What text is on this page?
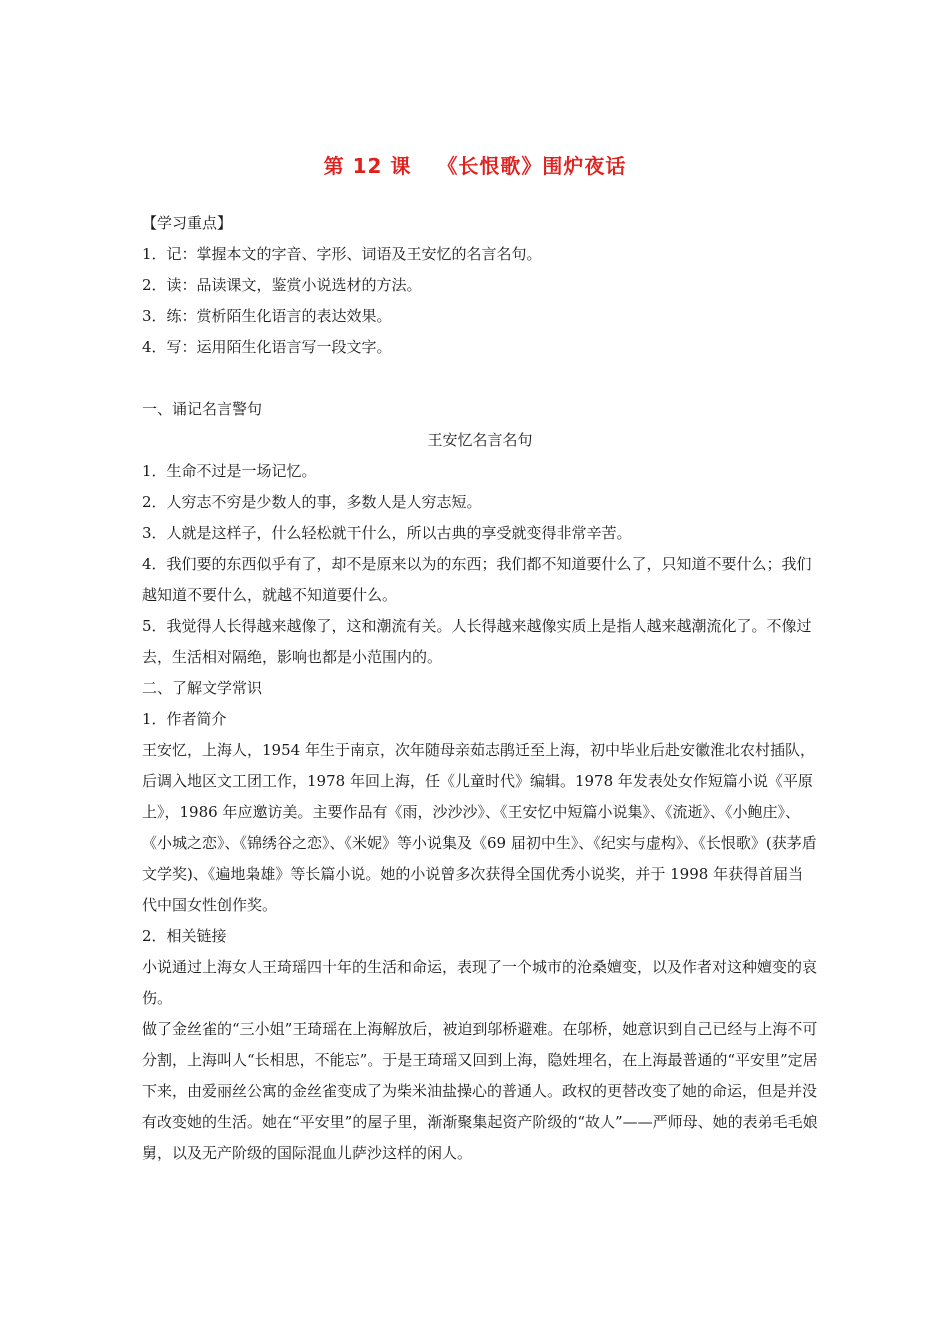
第 12 课 《长恨歌》围炉夜话

【学习重点】

1．记：掌握本文的字音、字形、词语及王安忆的名言名句。

2．读：品读课文，鉴赏小说选材的方法。

3．练：赏析陌生化语言的表达效果。

4．写：运用陌生化语言写一段文字。

一、诵记名言警句

王安忆名言名句

1．生命不过是一场记忆。

2．人穷志不穷是少数人的事，多数人是人穷志短。

3．人就是这样子，什么轻松就干什么，所以古典的享受就变得非常辛苦。

4．我们要的东西似乎有了，却不是原来以为的东西；我们都不知道要什么了，只知道不要什么；我们越知道不要什么，就越不知道要什么。

5．我觉得人长得越来越像了，这和潮流有关。人长得越来越像实质上是指人越来越潮流化了。不像过去，生活相对隔绝，影响也都是小范围内的。

二、了解文学常识

1．作者简介

王安忆，上海人，1954 年生于南京，次年随母亲茹志鹃迁至上海，初中毕业后赴安徽淮北农村插队，后调入地区文工团工作，1978 年回上海，任《儿童时代》编辑。1978 年发表处女作短篇小说《平原上》，1986 年应邀访美。主要作品有《雨，沙沙沙》、《王安忆中短篇小说集》、《流逝》、《小鲍庄》、《小城之恋》、《锦绣谷之恋》、《米妮》等小说集及《69 届初中生》、《纪实与虚构》、《长恨歌》(获茅盾文学奖)、《遍地枭雄》等长篇小说。她的小说曾多次获得全国优秀小说奖，并于 1998 年获得首届当代中国女性创作奖。

2．相关链接

小说通过上海女人王琦瑶四十年的生活和命运，表现了一个城市的沧桑嬗变，以及作者对这种嬗变的哀伤。

做了金丝雀的“三小姐”王琦瑶在上海解放后，被迫到邬桥避难。在邬桥，她意识到自己已经与上海不可分割，上海叫人“长相思，不能忘”。于是王琦瑶又回到上海，隐姓埋名，在上海最普通的“平安里”定居下来，由爱丽丝公寓的金丝雀变成了为柴米油盐操心的普通人。政权的更替改变了她的命运，但是并没有改变她的生活。她在“平安里”的屋子里，渐渐聚集起资产阶级的“故人”——严师母、她的表弟毛毛娘舅，以及无产阶级的国际混血儿萨沙这样的闲人。
